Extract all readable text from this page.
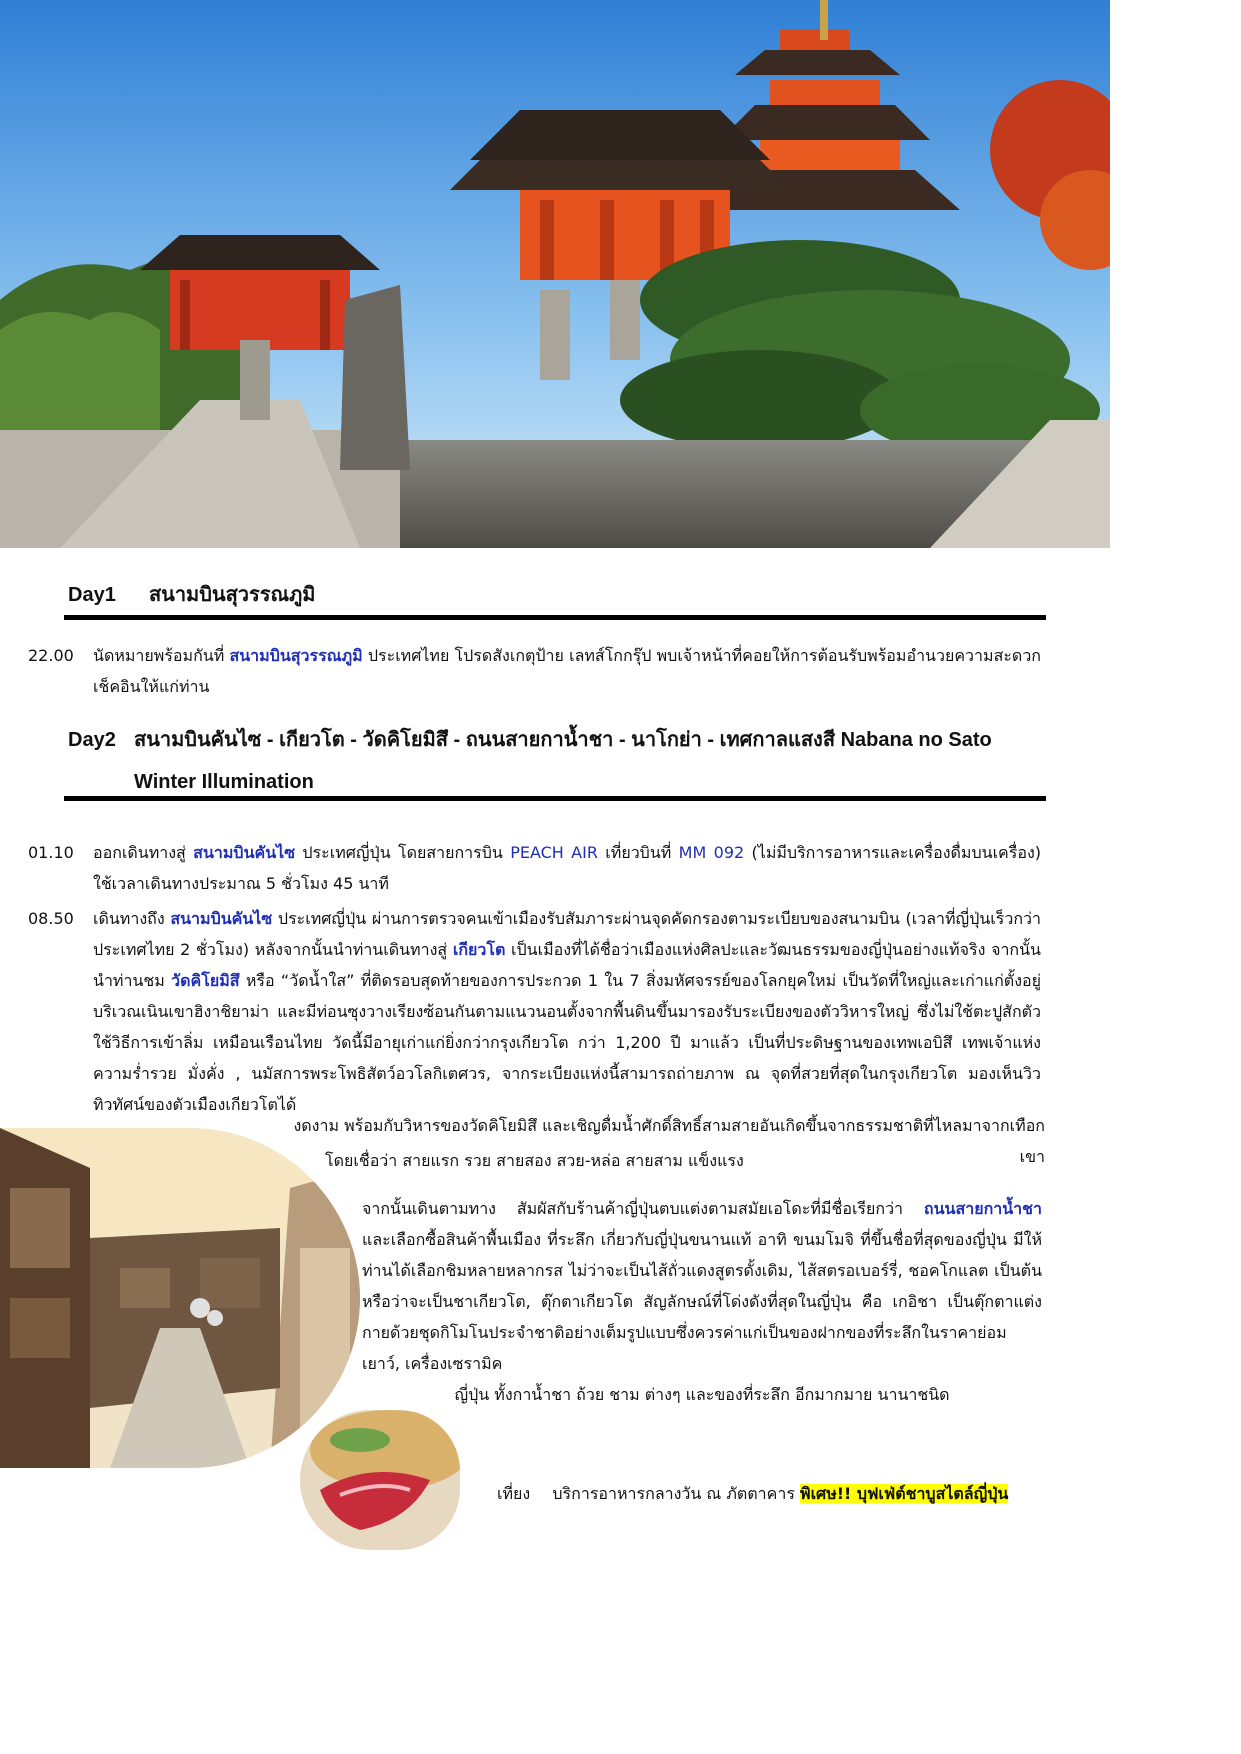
Day1 สนามบินสุวรรณภูมิ
22.00 นัดหมายพร้อมกันที่ สนามบินสุวรรณภูมิ ประเทศไทย โปรดสังเกตุป้าย เลทส์โกกรุ๊ป พบเจ้าหน้าที่คอยให้การต้อนรับพร้อมอำนวยความสะดวกเช็คอินให้แก่ท่าน
Day2 สนามบินคันไซ - เกียวโต - วัดคิโยมิสึ - ถนนสายกาน้ำชา - นาโกย่า - เทศกาลแสงสี Nabana no Sato Winter Illumination
01.10 ออกเดินทางสู่ สนามบินคันไซ ประเทศญี่ปุ่น โดยสายการบิน PEACH AIR เที่ยวบินที่ MM 092 (ไม่มีบริการอาหารและเครื่องดื่มบนเครื่อง) ใช้เวลาเดินทางประมาณ 5 ชั่วโมง 45 นาที
08.50 เดินทางถึง สนามบินคันไซ ประเทศญี่ปุ่น ผ่านการตรวจคนเข้าเมืองรับสัมภาระผ่านจุดคัดกรองตามระเบียบของสนามบิน (เวลาที่ญี่ปุ่นเร็วกว่าประเทศไทย 2 ชั่วโมง) หลังจากนั้นนำท่านเดินทางสู่ เกียวโต เป็นเมืองที่ได้ชื่อว่าเมืองแห่งศิลปะและวัฒนธรรมของญี่ปุ่นอย่างแท้จริง จากนั้นนำท่านชม วัดคิโยมิสึ หรือ “วัดน้ำใส” ที่ติดรอบสุดท้ายของการประกวด 1 ใน 7 สิ่งมหัศจรรย์ของโลกยุคใหม่ เป็นวัดที่ใหญ่และเก่าแก่ตั้งอยู่บริเวณเนินเขาฮิงาชิยาม่า และมีท่อนซุงวางเรียงซ้อนกันตามแนวนอนตั้งจากพื้นดินขึ้นมารองรับระเบียงของตัววิหารใหญ่ ซึ่งไม่ใช้ตะปูสักตัว ใช้วิธีการเข้าลิ่ม เหมือนเรือนไทย วัดนี้มีอายุเก่าแก่ยิ่งกว่ากรุงเกียวโต กว่า 1,200 ปี มาแล้ว เป็นที่ประดิษฐานของเทพเอบิสึ เทพเจ้าแห่งความร่ำรวย มั่งคั่ง , นมัสการพระโพธิสัตว์อวโลกิเตศวร, จากระเบียงแห่งนี้สามารถถ่ายภาพ ณ จุดที่สวยที่สุดในกรุงเกียวโต มองเห็นวิวทิวทัศน์ของตัวเมืองเกียวโตได้
งดงาม พร้อมกับวิหารของวัดคิโยมิสึ และเชิญดื่มน้ำศักดิ์สิทธิ์สามสายอันเกิดขึ้นจากธรรมชาติที่ไหลมาจากเทือกเขา
โดยเชื่อว่า สายแรก รวย สายสอง สวย-หล่อ สายสาม แข็งแรง
จากนั้นเดินตามทาง สัมผัสกับร้านค้าญี่ปุ่นตบแต่งตามสมัยเอโดะที่มีชื่อเรียกว่า ถนนสายกาน้ำชา และเลือกซื้อสินค้าพื้นเมือง ที่ระลึก เกี่ยวกับญี่ปุ่นขนานแท้ อาทิ ขนมโมจิ ที่ขึ้นชื่อที่สุดของญี่ปุ่น มีให้ท่านได้เลือกชิมหลายหลากรส ไม่ว่าจะเป็นไส้ถั่วแดงสูตรดั้งเดิม, ไส้สตรอเบอร์รี่, ชอคโกแลต เป็นต้น หรือว่าจะเป็นชาเกียวโต, ตุ๊กตาเกียวโต สัญลักษณ์ที่โด่งดังที่สุดในญี่ปุ่น คือ เกอิชา เป็นตุ๊กตาแต่งกายด้วยชุดกิโมโนประจำชาติอย่างเต็มรูปแบบซึ่งควรค่าแก่เป็นของฝากของที่ระลึกในราคาย่อมเยาว์, เครื่องเซรามิค
ญี่ปุ่น ทั้งกาน้ำชา ถ้วย ชาม ต่างๆ และของที่ระลึก อีกมากมาย นานาชนิด
เที่ยง บริการอาหารกลางวัน ณ ภัตตาคาร พิเศษ!! บุฟเฟ่ต์ชาบูสไตล์ญี่ปุ่น
